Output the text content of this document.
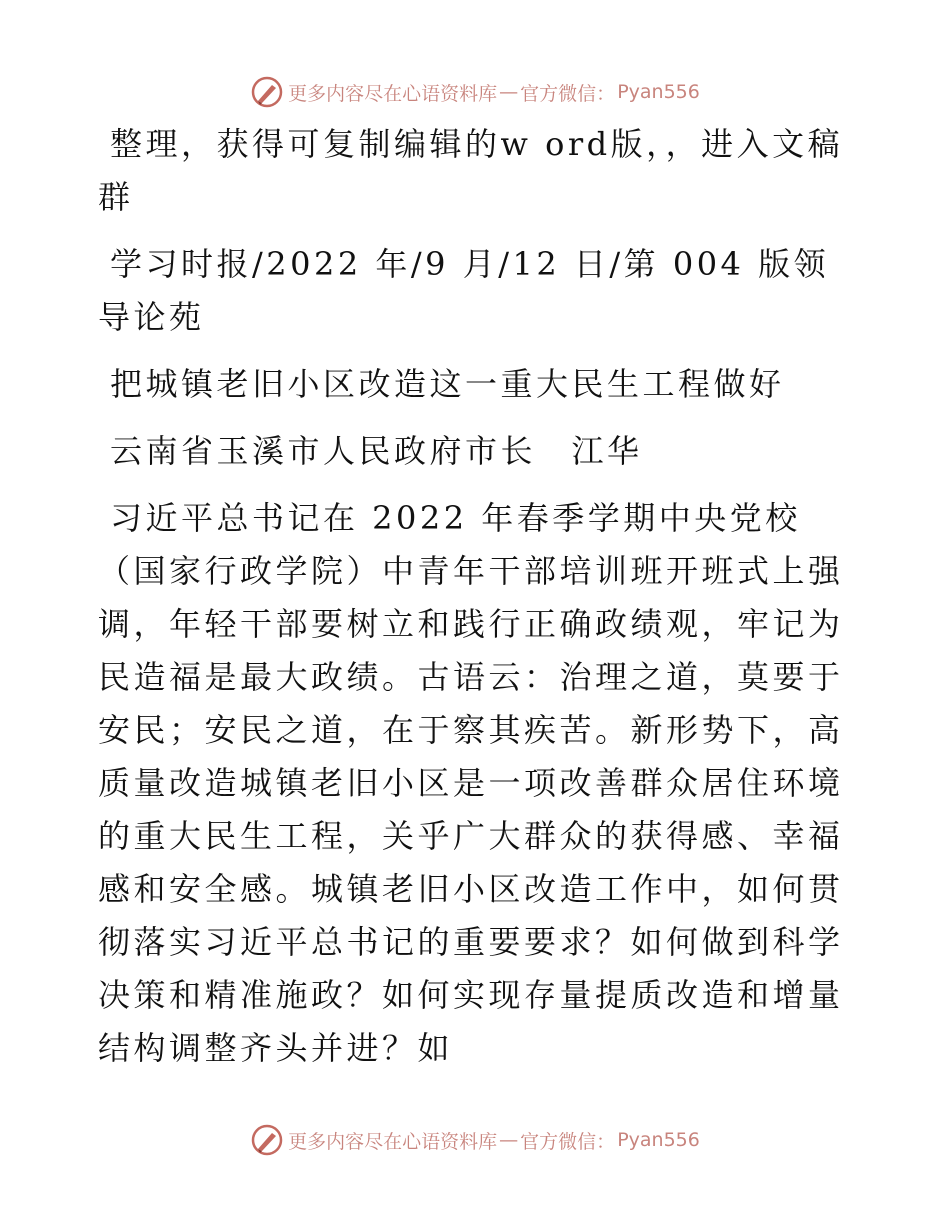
更多内容尽在心语资料库 — 官方微信： Pyan556

整理，获得可复制编辑的w ord版，，进入文稿群

学习时报/2022 年/9 月/12 日/第 004 版领导论苑

把城镇老旧小区改造这一重大民生工程做好

云南省玉溪市人民政府市长　江华

习近平总书记在 2022 年春季学期中央党校（国家行政学院）中青年干部培训班开班式上强调，年轻干部要树立和践行正确政绩观，牢记为民造福是最大政绩。古语云：治理之道，莫要于安民；安民之道，在于察其疾苦。新形势下，高质量改造城镇老旧小区是一项改善群众居住环境的重大民生工程，关乎广大群众的获得感、幸福感和安全感。城镇老旧小区改造工作中，如何贯彻落实习近平总书记的重要要求？如何做到科学决策和精准施政？如何实现存量提质改造和增量结构调整齐头并进？如

更多内容尽在心语资料库 — 官方微信： Pyan556
